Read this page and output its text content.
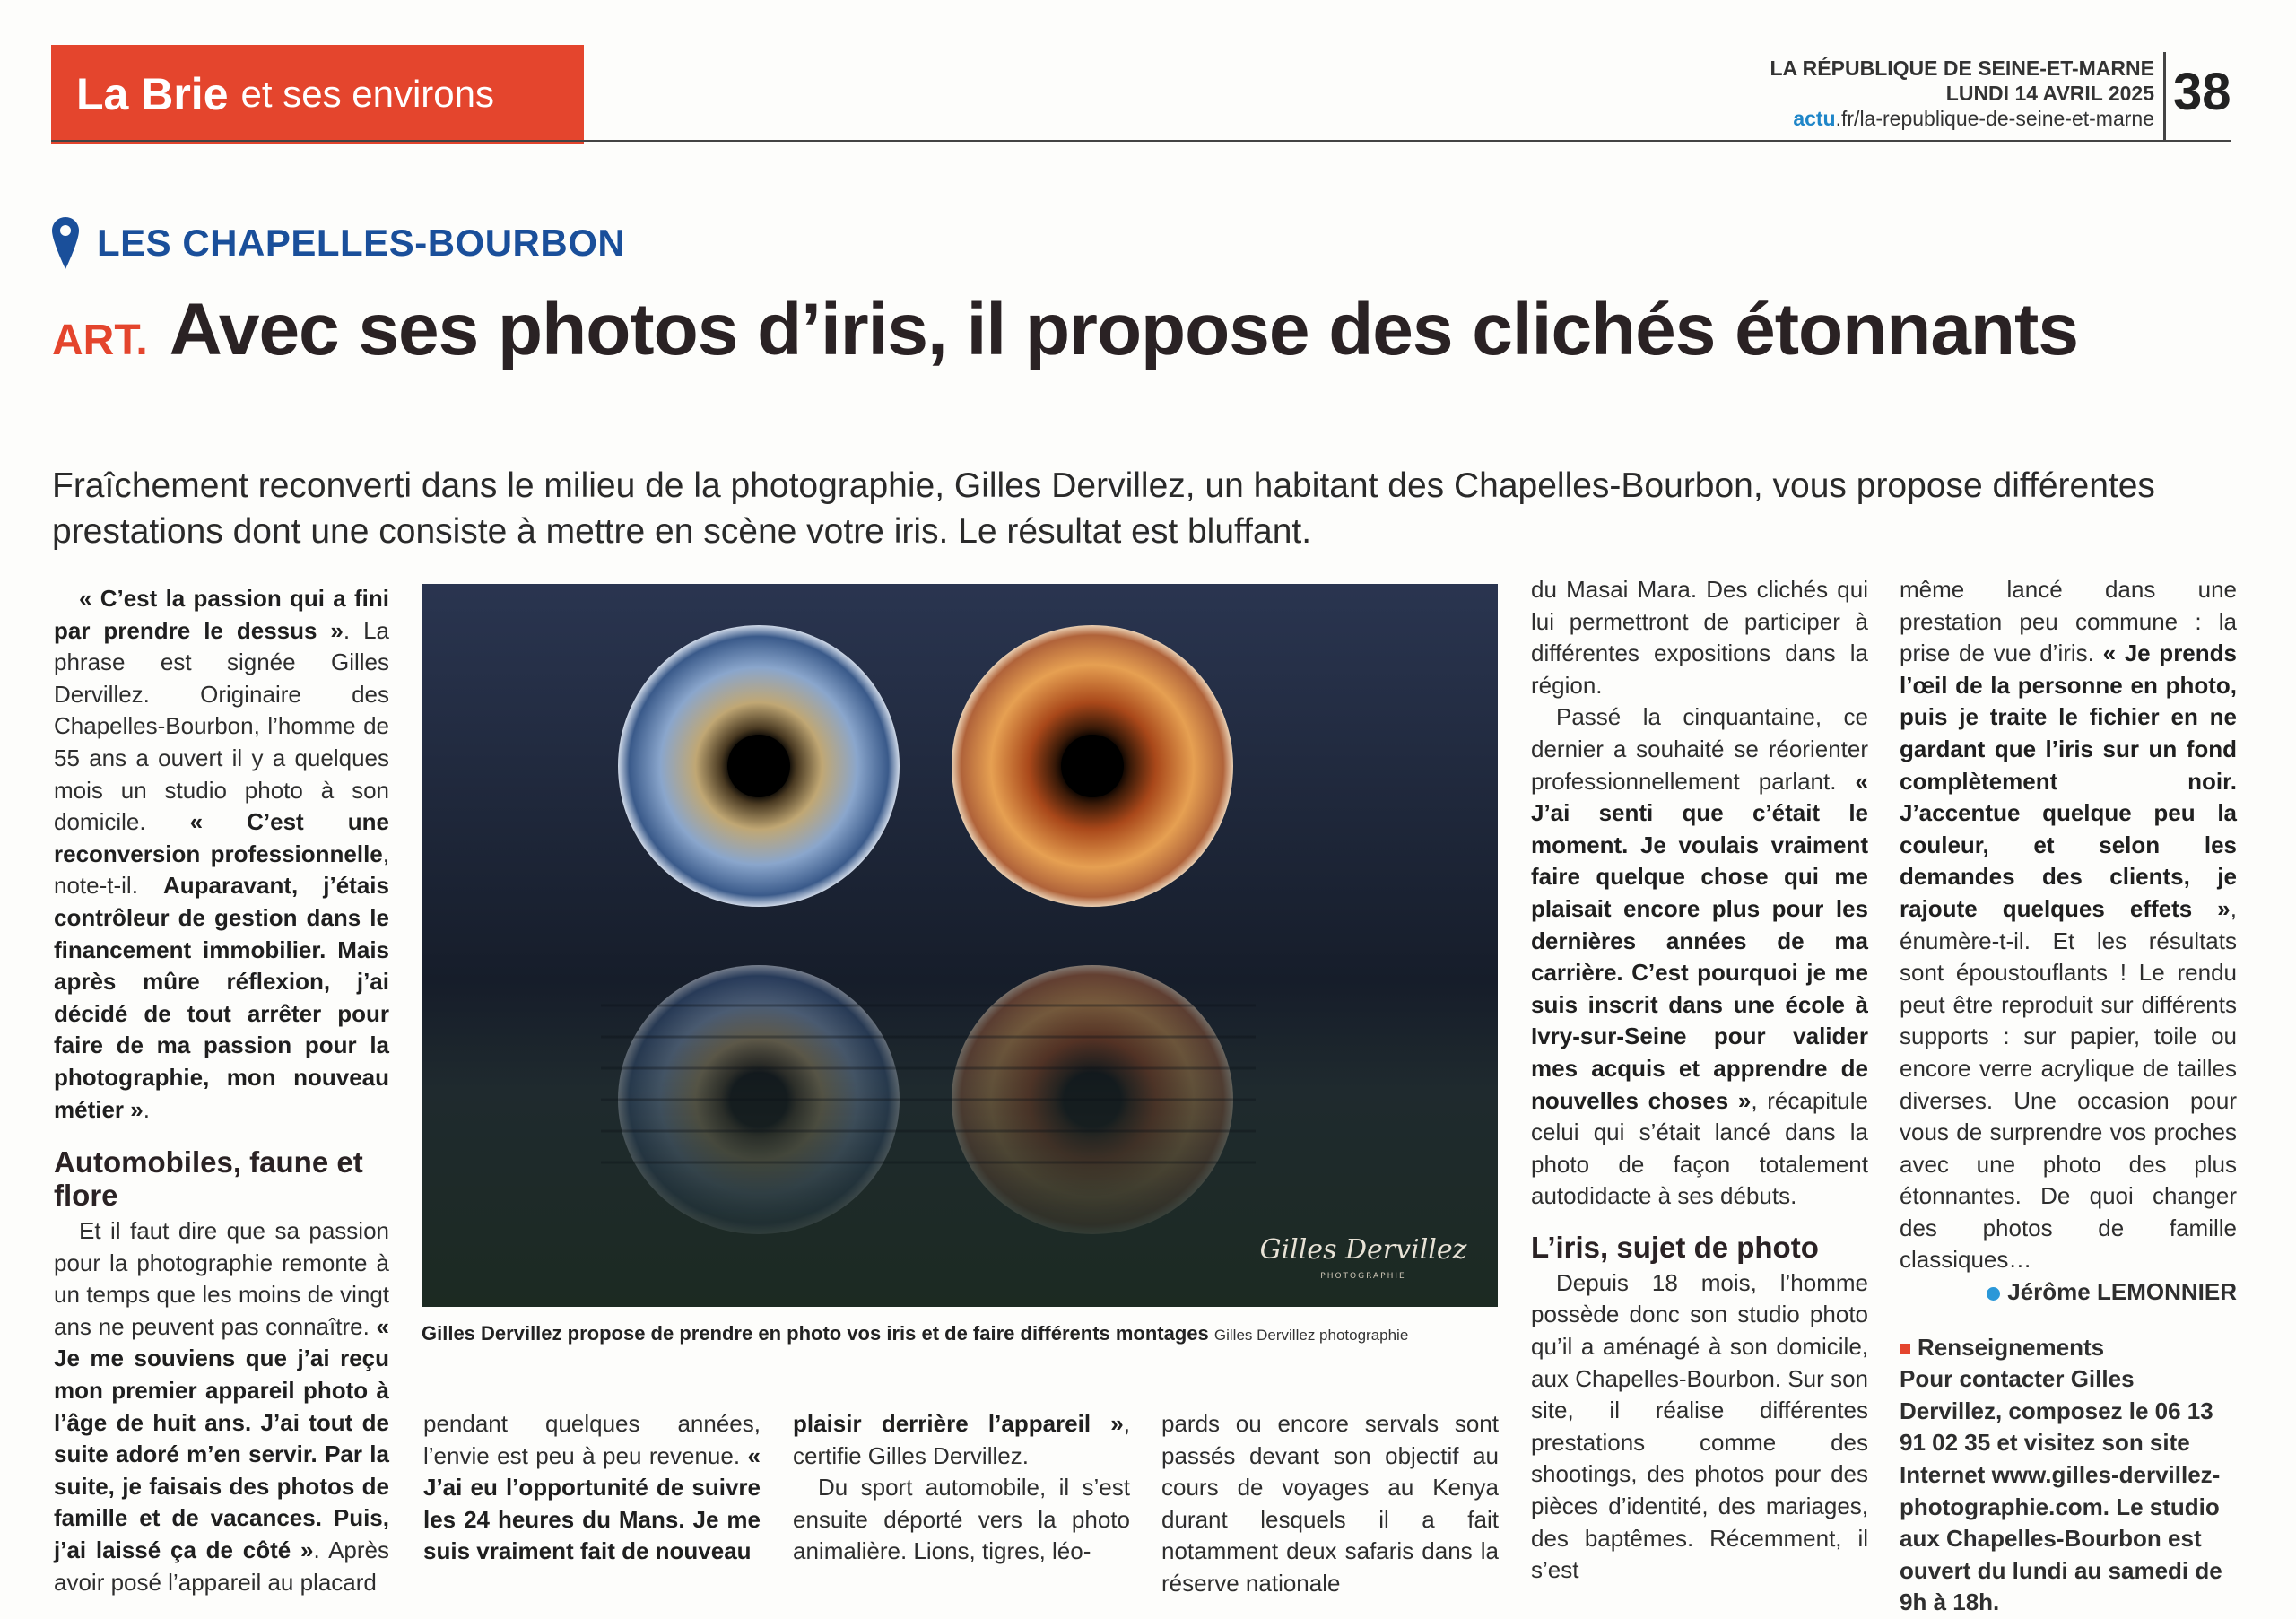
La Brie et ses environs
LA RÉPUBLIQUE DE SEINE-ET-MARNE
LUNDI 14 AVRIL 2025
actu.fr/la-republique-de-seine-et-marne 38
LES CHAPELLES-BOURBON
ART. Avec ses photos d’iris, il propose des clichés étonnants
Fraîchement reconverti dans le milieu de la photographie, Gilles Dervillez, un habitant des Chapelles-Bourbon, vous propose différentes prestations dont une consiste à mettre en scène votre iris. Le résultat est bluffant.

« C’est la passion qui a fini par prendre le dessus ». La phrase est signée Gilles Dervillez. Originaire des Chapelles-Bourbon, l’homme de 55 ans a ouvert il y a quelques mois un studio photo à son domicile. « C’est une reconversion professionnelle, note-t-il. Auparavant, j’étais contrôleur de gestion dans le financement immobilier. Mais après mûre réflexion, j’ai décidé de tout arrêter pour faire de ma passion pour la photographie, mon nouveau métier ».

Automobiles, faune et flore

Et il faut dire que sa passion pour la photographie remonte à un temps que les moins de vingt ans ne peuvent pas connaître. « Je me souviens que j’ai reçu mon premier appareil photo à l’âge de huit ans. J’ai tout de suite adoré m’en servir. Par la suite, je faisais des photos de famille et de vacances. Puis, j’ai laissé ça de côté ». Après avoir posé l’appareil au placard

Gilles Dervillez
PHOTOGRAPHIE
Gilles Dervillez propose de prendre en photo vos iris et de faire différents montages Gilles Dervillez photographie

pendant quelques années, l’envie est peu à peu revenue. « J’ai eu l’opportunité de suivre les 24 heures du Mans. Je me suis vraiment fait de nouveau

plaisir derrière l’appareil », certifie Gilles Dervillez.

Du sport automobile, il s’est ensuite déporté vers la photo animalière. Lions, tigres, léo-

pards ou encore servals sont passés devant son objectif au cours de voyages au Kenya durant lesquels il a fait notamment deux safaris dans la réserve nationale

du Masai Mara. Des clichés qui lui permettront de participer à différentes expositions dans la région.

Passé la cinquantaine, ce dernier a souhaité se réorienter professionnellement parlant. « J’ai senti que c’était le moment. Je voulais vraiment faire quelque chose qui me plaisait encore plus pour les dernières années de ma carrière. C’est pourquoi je me suis inscrit dans une école à Ivry-sur-Seine pour valider mes acquis et apprendre de nouvelles choses », récapitule celui qui s’était lancé dans la photo de façon totalement autodidacte à ses débuts.

L’iris, sujet de photo

Depuis 18 mois, l’homme possède donc son studio photo qu’il a aménagé à son domicile, aux Chapelles-Bourbon. Sur son site, il réalise différentes prestations comme des shootings, des photos pour des pièces d’identité, des mariages, des baptêmes. Récemment, il s’est

même lancé dans une prestation peu commune : la prise de vue d’iris. « Je prends l’œil de la personne en photo, puis je traite le fichier en ne gardant que l’iris sur un fond complètement noir. J’accentue quelque peu la couleur, et selon les demandes des clients, je rajoute quelques effets », énumère-t-il. Et les résultats sont époustouflants ! Le rendu peut être reproduit sur différents supports : sur papier, toile ou encore verre acrylique de tailles diverses. Une occasion pour vous de surprendre vos proches avec une photo des plus étonnantes. De quoi changer des photos de famille classiques…

Jérôme LEMONNIER

Renseignements

Pour contacter Gilles Dervillez, composez le 06 13 91 02 35 et visitez son site Internet www.gilles-dervillez-photographie.com. Le studio aux Chapelles-Bourbon est ouvert du lundi au samedi de 9h à 18h.
